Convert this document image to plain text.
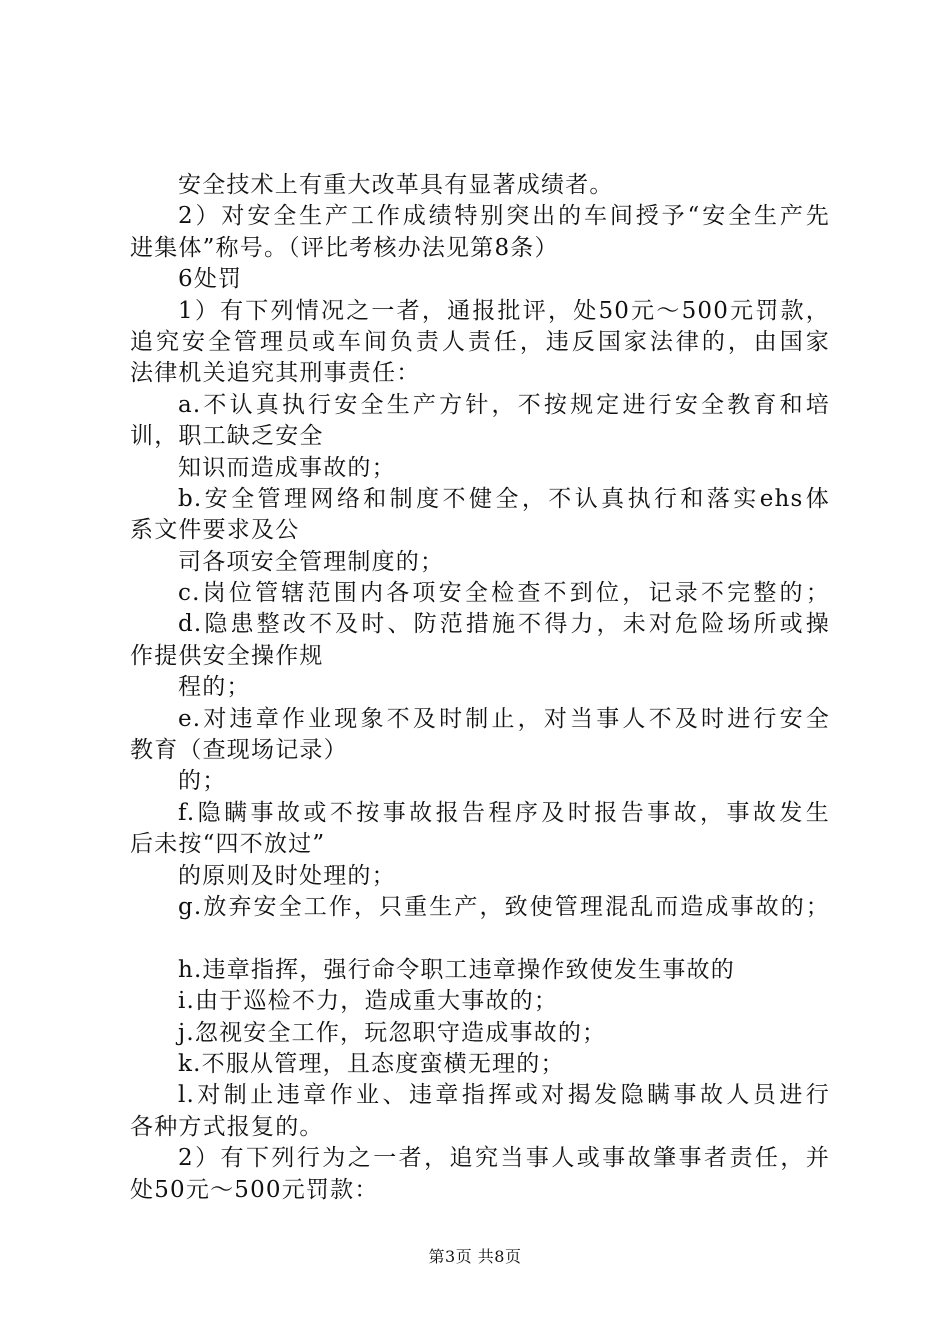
安全技术上有重大改革具有显著成绩者。
2）对安全生产工作成绩特别突出的车间授予“安全生产先
进集体”称号。（评比考核办法见第8条）
6处罚
1）有下列情况之一者，通报批评，处50元～500元罚款，
追究安全管理员或车间负责人责任，违反国家法律的，由国家
法律机关追究其刑事责任：
a.不认真执行安全生产方针，不按规定进行安全教育和培
训，职工缺乏安全
知识而造成事故的；
b.安全管理网络和制度不健全，不认真执行和落实ehs体
系文件要求及公
司各项安全管理制度的；
c.岗位管辖范围内各项安全检查不到位，记录不完整的；
d.隐患整改不及时、防范措施不得力，未对危险场所或操
作提供安全操作规
程的；
e.对违章作业现象不及时制止，对当事人不及时进行安全
教育（查现场记录）
的；
f.隐瞒事故或不按事故报告程序及时报告事故，事故发生
后未按“四不放过”
的原则及时处理的；
g.放弃安全工作，只重生产，致使管理混乱而造成事故的；
h.违章指挥，强行命令职工违章操作致使发生事故的
i.由于巡检不力，造成重大事故的；
j.忽视安全工作，玩忽职守造成事故的；
k.不服从管理，且态度蛮横无理的；
l.对制止违章作业、违章指挥或对揭发隐瞒事故人员进行
各种方式报复的。
2）有下列行为之一者，追究当事人或事故肇事者责任，并
处50元～500元罚款：
第3页 共8页
